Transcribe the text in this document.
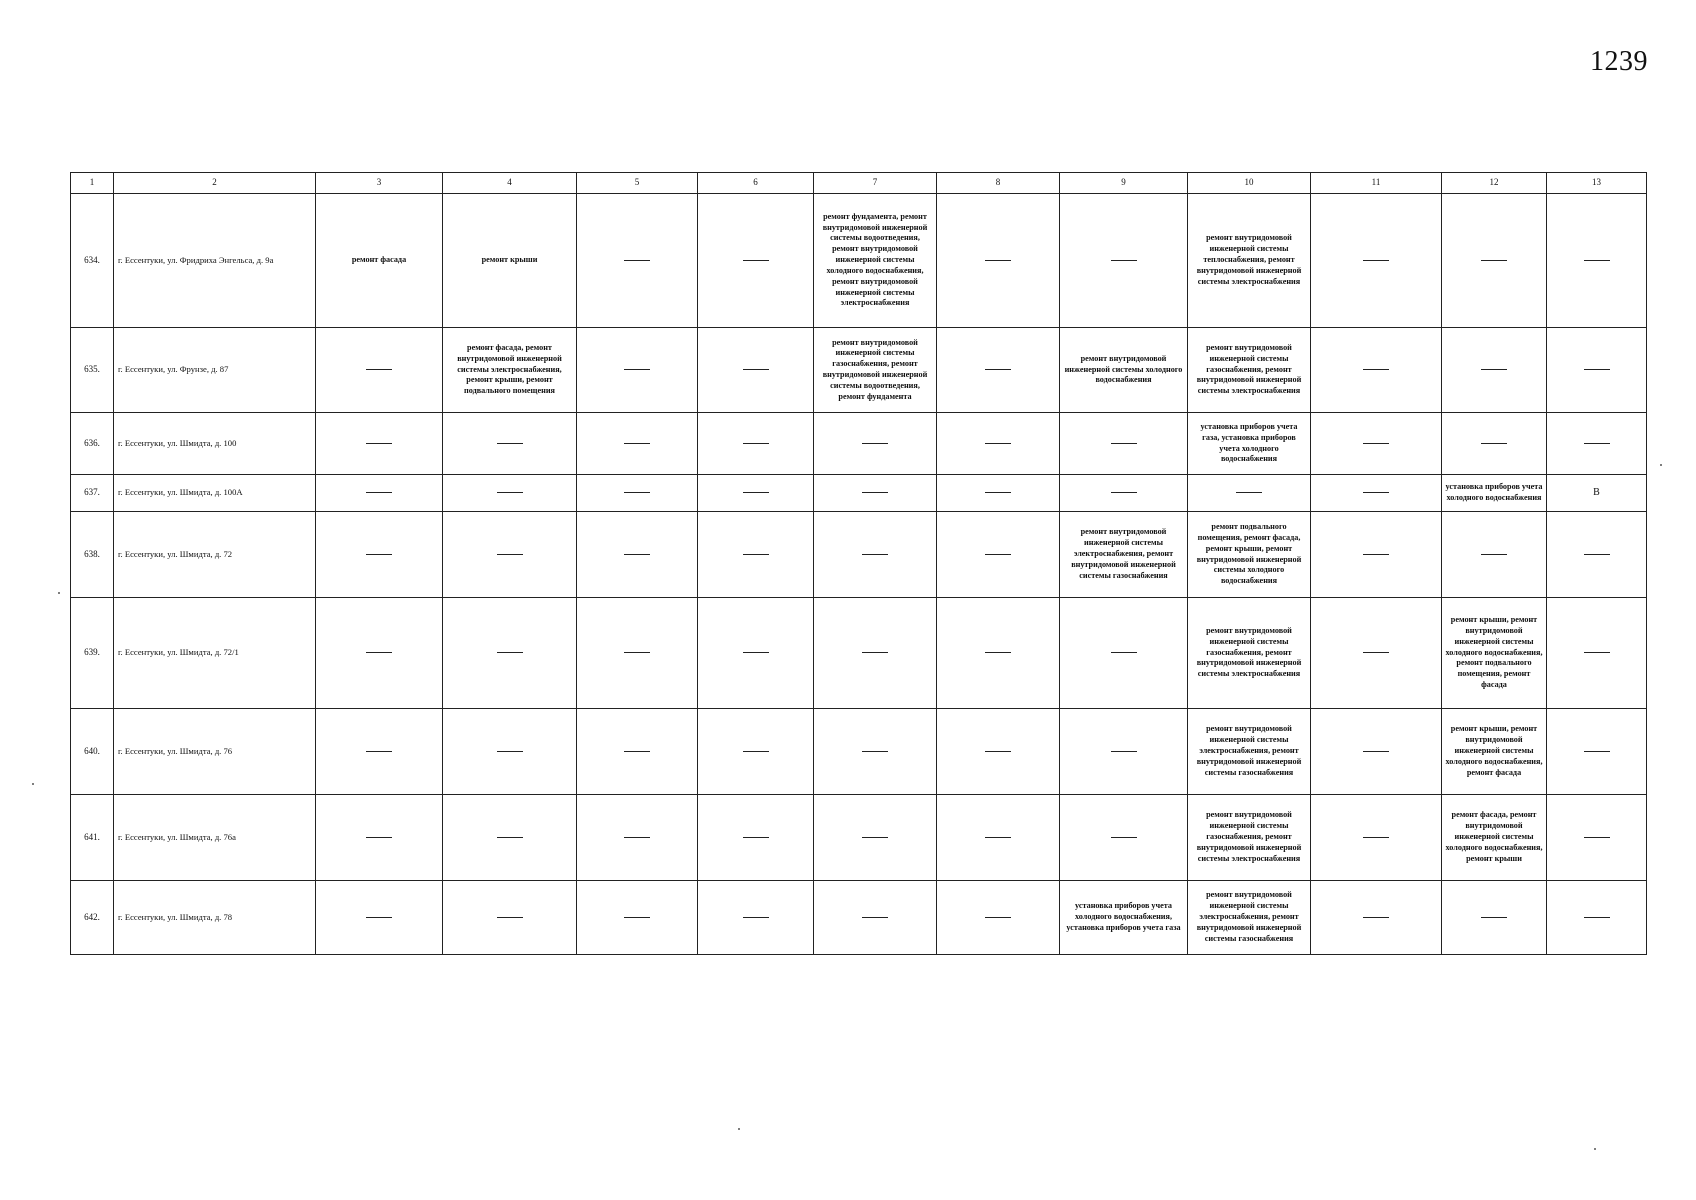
1239
1	2	3	4	5	6	7	8	9	10	11	12	13
634.	г. Ессентуки, ул. Фридриха Энгельса, д. 9а	ремонт фасада	ремонт крыши			ремонт фундамента, ремонт внутридомовой инженерной системы водоотведения, ремонт внутридомовой инженерной системы холодного водоснабжения, ремонт внутридомовой инженерной системы электроснабжения			ремонт внутридомовой инженерной системы теплоснабжения, ремонт внутридомовой инженерной системы электроснабжения			
635.	г. Ессентуки, ул. Фрунзе, д. 87		ремонт фасада, ремонт внутридомовой инженерной системы электроснабжения, ремонт крыши, ремонт подвального помещения			ремонт внутридомовой инженерной системы газоснабжения, ремонт внутридомовой инженерной системы водоотведения, ремонт фундамента		ремонт внутридомовой инженерной системы холодного водоснабжения	ремонт внутридомовой инженерной системы газоснабжения, ремонт внутридомовой инженерной системы электроснабжения			
636.	г. Ессентуки, ул. Шмидта, д. 100								установка приборов учета газа, установка приборов учета холодного водоснабжения			
637.	г. Ессентуки, ул. Шмидта, д. 100А										установка приборов учета холодного водоснабжения	В
638.	г. Ессентуки, ул. Шмидта, д. 72							ремонт внутридомовой инженерной системы электроснабжения, ремонт внутридомовой инженерной системы газоснабжения	ремонт подвального помещения, ремонт фасада, ремонт крыши, ремонт внутридомовой инженерной системы холодного водоснабжения			
639.	г. Ессентуки, ул. Шмидта, д. 72/1								ремонт внутридомовой инженерной системы газоснабжения, ремонт внутридомовой инженерной системы электроснабжения		ремонт крыши, ремонт внутридомовой инженерной системы холодного водоснабжения, ремонт подвального помещения, ремонт фасада	
640.	г. Ессентуки, ул. Шмидта, д. 76								ремонт внутридомовой инженерной системы электроснабжения, ремонт внутридомовой инженерной системы газоснабжения		ремонт крыши, ремонт внутридомовой инженерной системы холодного водоснабжения, ремонт фасада	
641.	г. Ессентуки, ул. Шмидта, д. 76а								ремонт внутридомовой инженерной системы газоснабжения, ремонт внутридомовой инженерной системы электроснабжения		ремонт фасада, ремонт внутридомовой инженерной системы холодного водоснабжения, ремонт крыши	
642.	г. Ессентуки, ул. Шмидта, д. 78							установка приборов учета холодного водоснабжения, установка приборов учета газа	ремонт внутридомовой инженерной системы электроснабжения, ремонт внутридомовой инженерной системы газоснабжения			
